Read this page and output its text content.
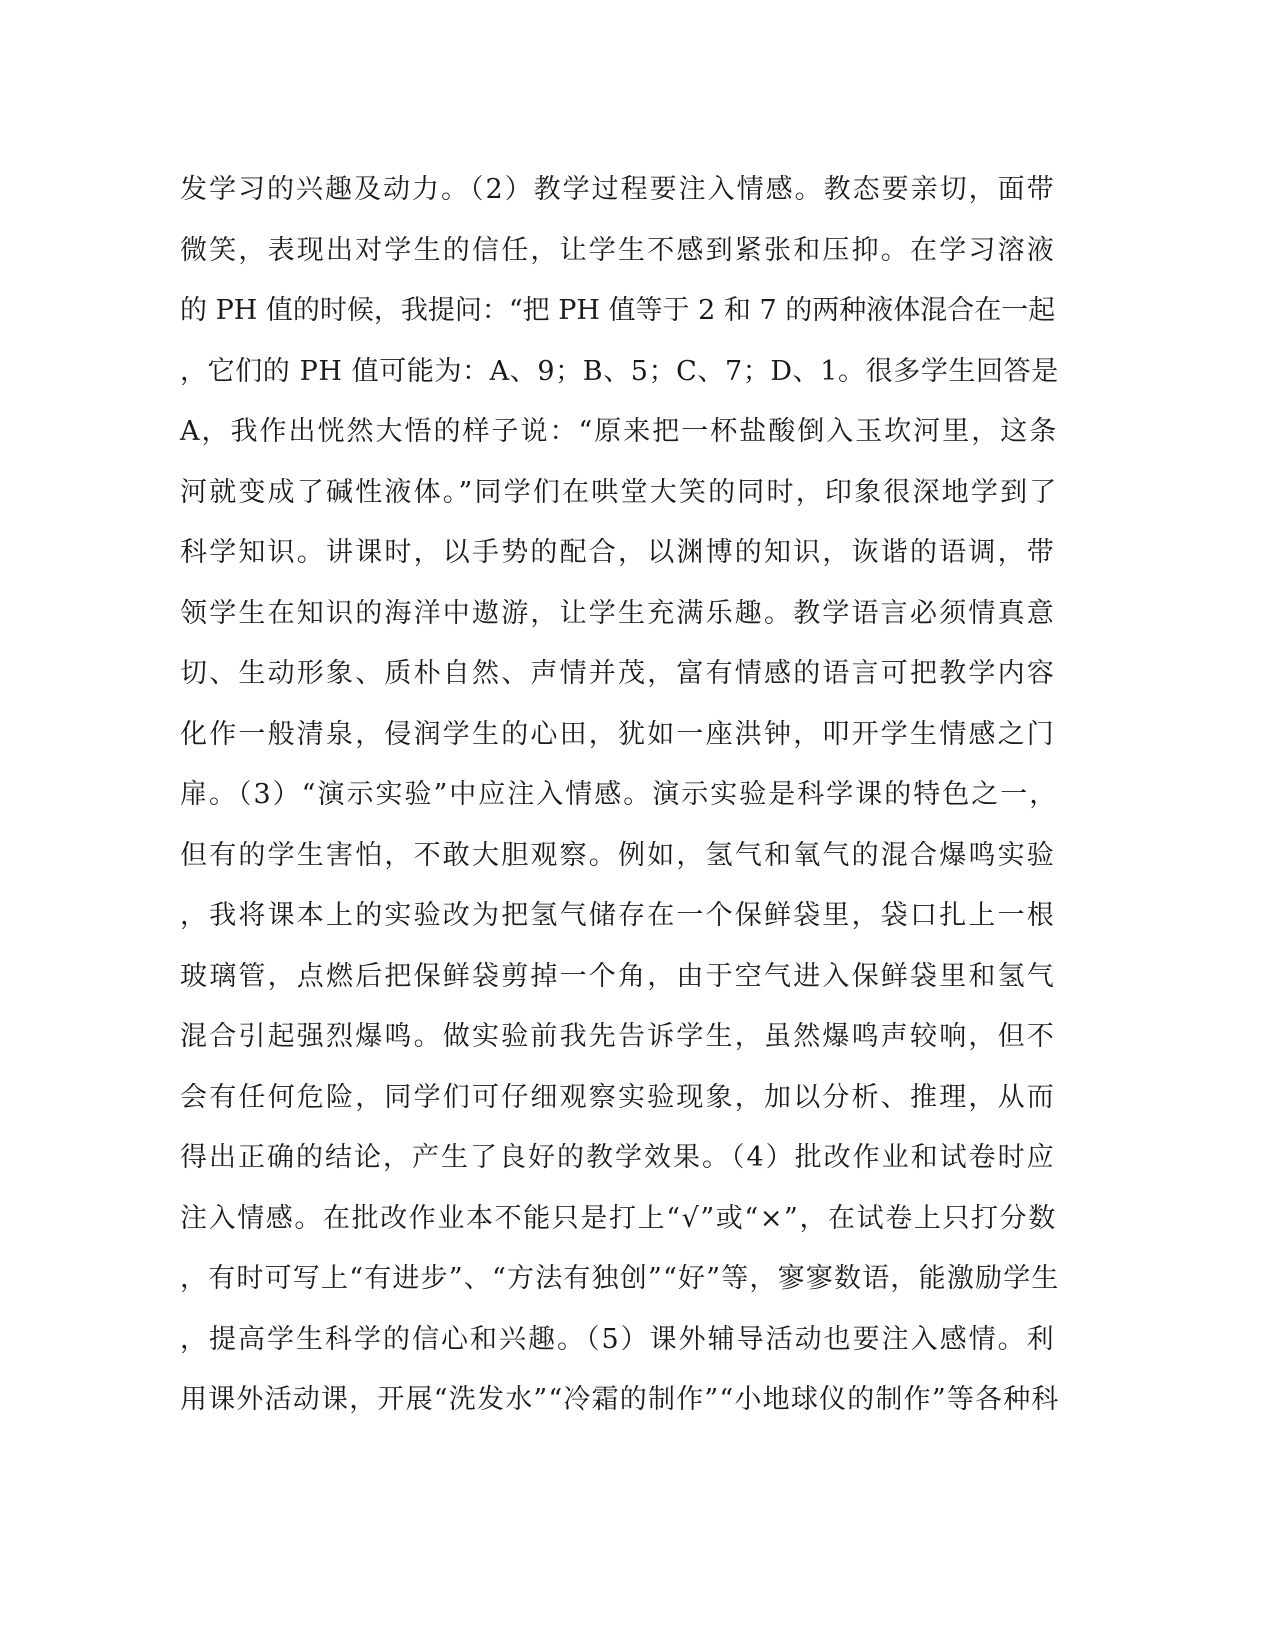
发学习的兴趣及动力。（2）教学过程要注入情感。教态要亲切，面带
微笑，表现出对学生的信任，让学生不感到紧张和压抑。在学习溶液
的 PH 值的时候，我提问：“把 PH 值等于 2 和 7 的两种液体混合在一起
，它们的 PH 值可能为：A、9；B、5；C、7；D、1。很多学生回答是
A，我作出恍然大悟的样子说：“原来把一杯盐酸倒入玉坎河里，这条
河就变成了碱性液体。”同学们在哄堂大笑的同时，印象很深地学到了
科学知识。讲课时，以手势的配合，以渊博的知识，诙谐的语调，带
领学生在知识的海洋中遨游，让学生充满乐趣。教学语言必须情真意
切、生动形象、质朴自然、声情并茂，富有情感的语言可把教学内容
化作一般清泉，侵润学生的心田，犹如一座洪钟，叩开学生情感之门
扉。（3）“演示实验”中应注入情感。演示实验是科学课的特色之一，
但有的学生害怕，不敢大胆观察。例如，氢气和氧气的混合爆鸣实验
，我将课本上的实验改为把氢气储存在一个保鲜袋里，袋口扎上一根
玻璃管，点燃后把保鲜袋剪掉一个角，由于空气进入保鲜袋里和氢气
混合引起强烈爆鸣。做实验前我先告诉学生，虽然爆鸣声较响，但不
会有任何危险，同学们可仔细观察实验现象，加以分析、推理，从而
得出正确的结论，产生了良好的教学效果。（4）批改作业和试卷时应
注入情感。在批改作业本不能只是打上“√”或“×”，在试卷上只打分数
，有时可写上“有进步”、“方法有独创”“好”等，寥寥数语，能激励学生
，提高学生科学的信心和兴趣。（5）课外辅导活动也要注入感情。利
用课外活动课，开展“洗发水”“冷霜的制作”“小地球仪的制作”等各种科
